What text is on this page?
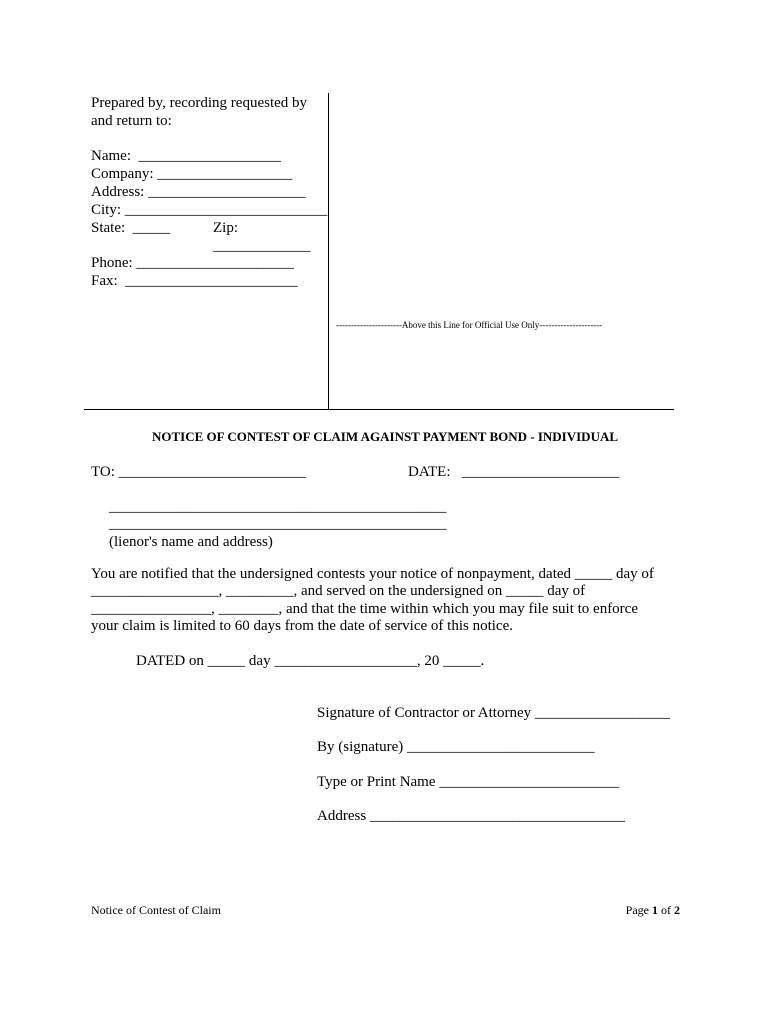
Prepared by, recording requested by
and return to:
Name:  ___________________
Company: __________________
Address: _____________________
City: ___________________________
State:  _____	Zip:
_____________
Phone: _____________________
Fax:  _______________________
----------------------Above this Line for Official Use Only---------------------
NOTICE OF CONTEST OF CLAIM AGAINST PAYMENT BOND - INDIVIDUAL
TO: _________________________	DATE:   _____________________
_____________________________________________
_____________________________________________
(lienor's name and address)
You are notified that the undersigned contests your notice of nonpayment, dated _____ day of
_________________, _________, and served on the undersigned on _____ day of
________________, ________, and that the time within which you may file suit to enforce
your claim is limited to 60 days from the date of service of this notice.
DATED on _____ day ___________________, 20 _____.
Signature of Contractor or Attorney __________________
By (signature) _________________________
Type or Print Name ________________________
Address __________________________________
Notice of Contest of Claim	Page 1 of 2
